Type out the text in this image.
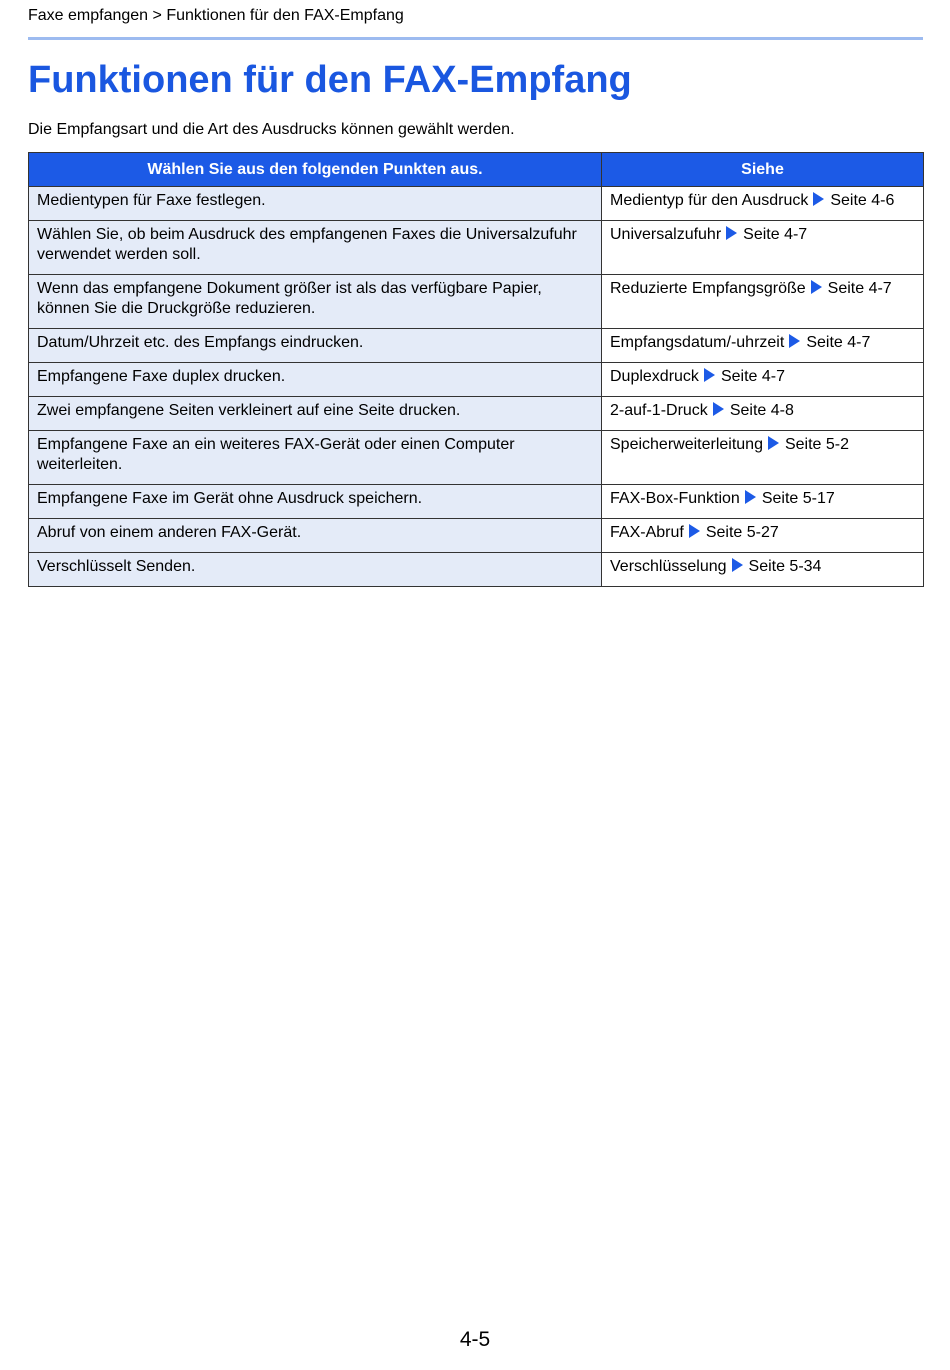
Faxe empfangen > Funktionen für den FAX-Empfang
Funktionen für den FAX-Empfang
Die Empfangsart und die Art des Ausdrucks können gewählt werden.
Wählen Sie aus den folgenden Punkten aus.	Siehe
Medientypen für Faxe festlegen.	Medientyp für den Ausdruck Seite 4-6
Wählen Sie, ob beim Ausdruck des empfangenen Faxes die Universalzufuhr verwendet werden soll.	Universalzufuhr Seite 4-7
Wenn das empfangene Dokument größer ist als das verfügbare Papier, können Sie die Druckgröße reduzieren.	Reduzierte Empfangsgröße Seite 4-7
Datum/Uhrzeit etc. des Empfangs eindrucken.	Empfangsdatum/-uhrzeit Seite 4-7
Empfangene Faxe duplex drucken.	Duplexdruck Seite 4-7
Zwei empfangene Seiten verkleinert auf eine Seite drucken.	2-auf-1-Druck Seite 4-8
Empfangene Faxe an ein weiteres FAX-Gerät oder einen Computer weiterleiten.	Speicherweiterleitung Seite 5-2
Empfangene Faxe im Gerät ohne Ausdruck speichern.	FAX-Box-Funktion Seite 5-17
Abruf von einem anderen FAX-Gerät.	FAX-Abruf Seite 5-27
Verschlüsselt Senden.	Verschlüsselung Seite 5-34
4-5
